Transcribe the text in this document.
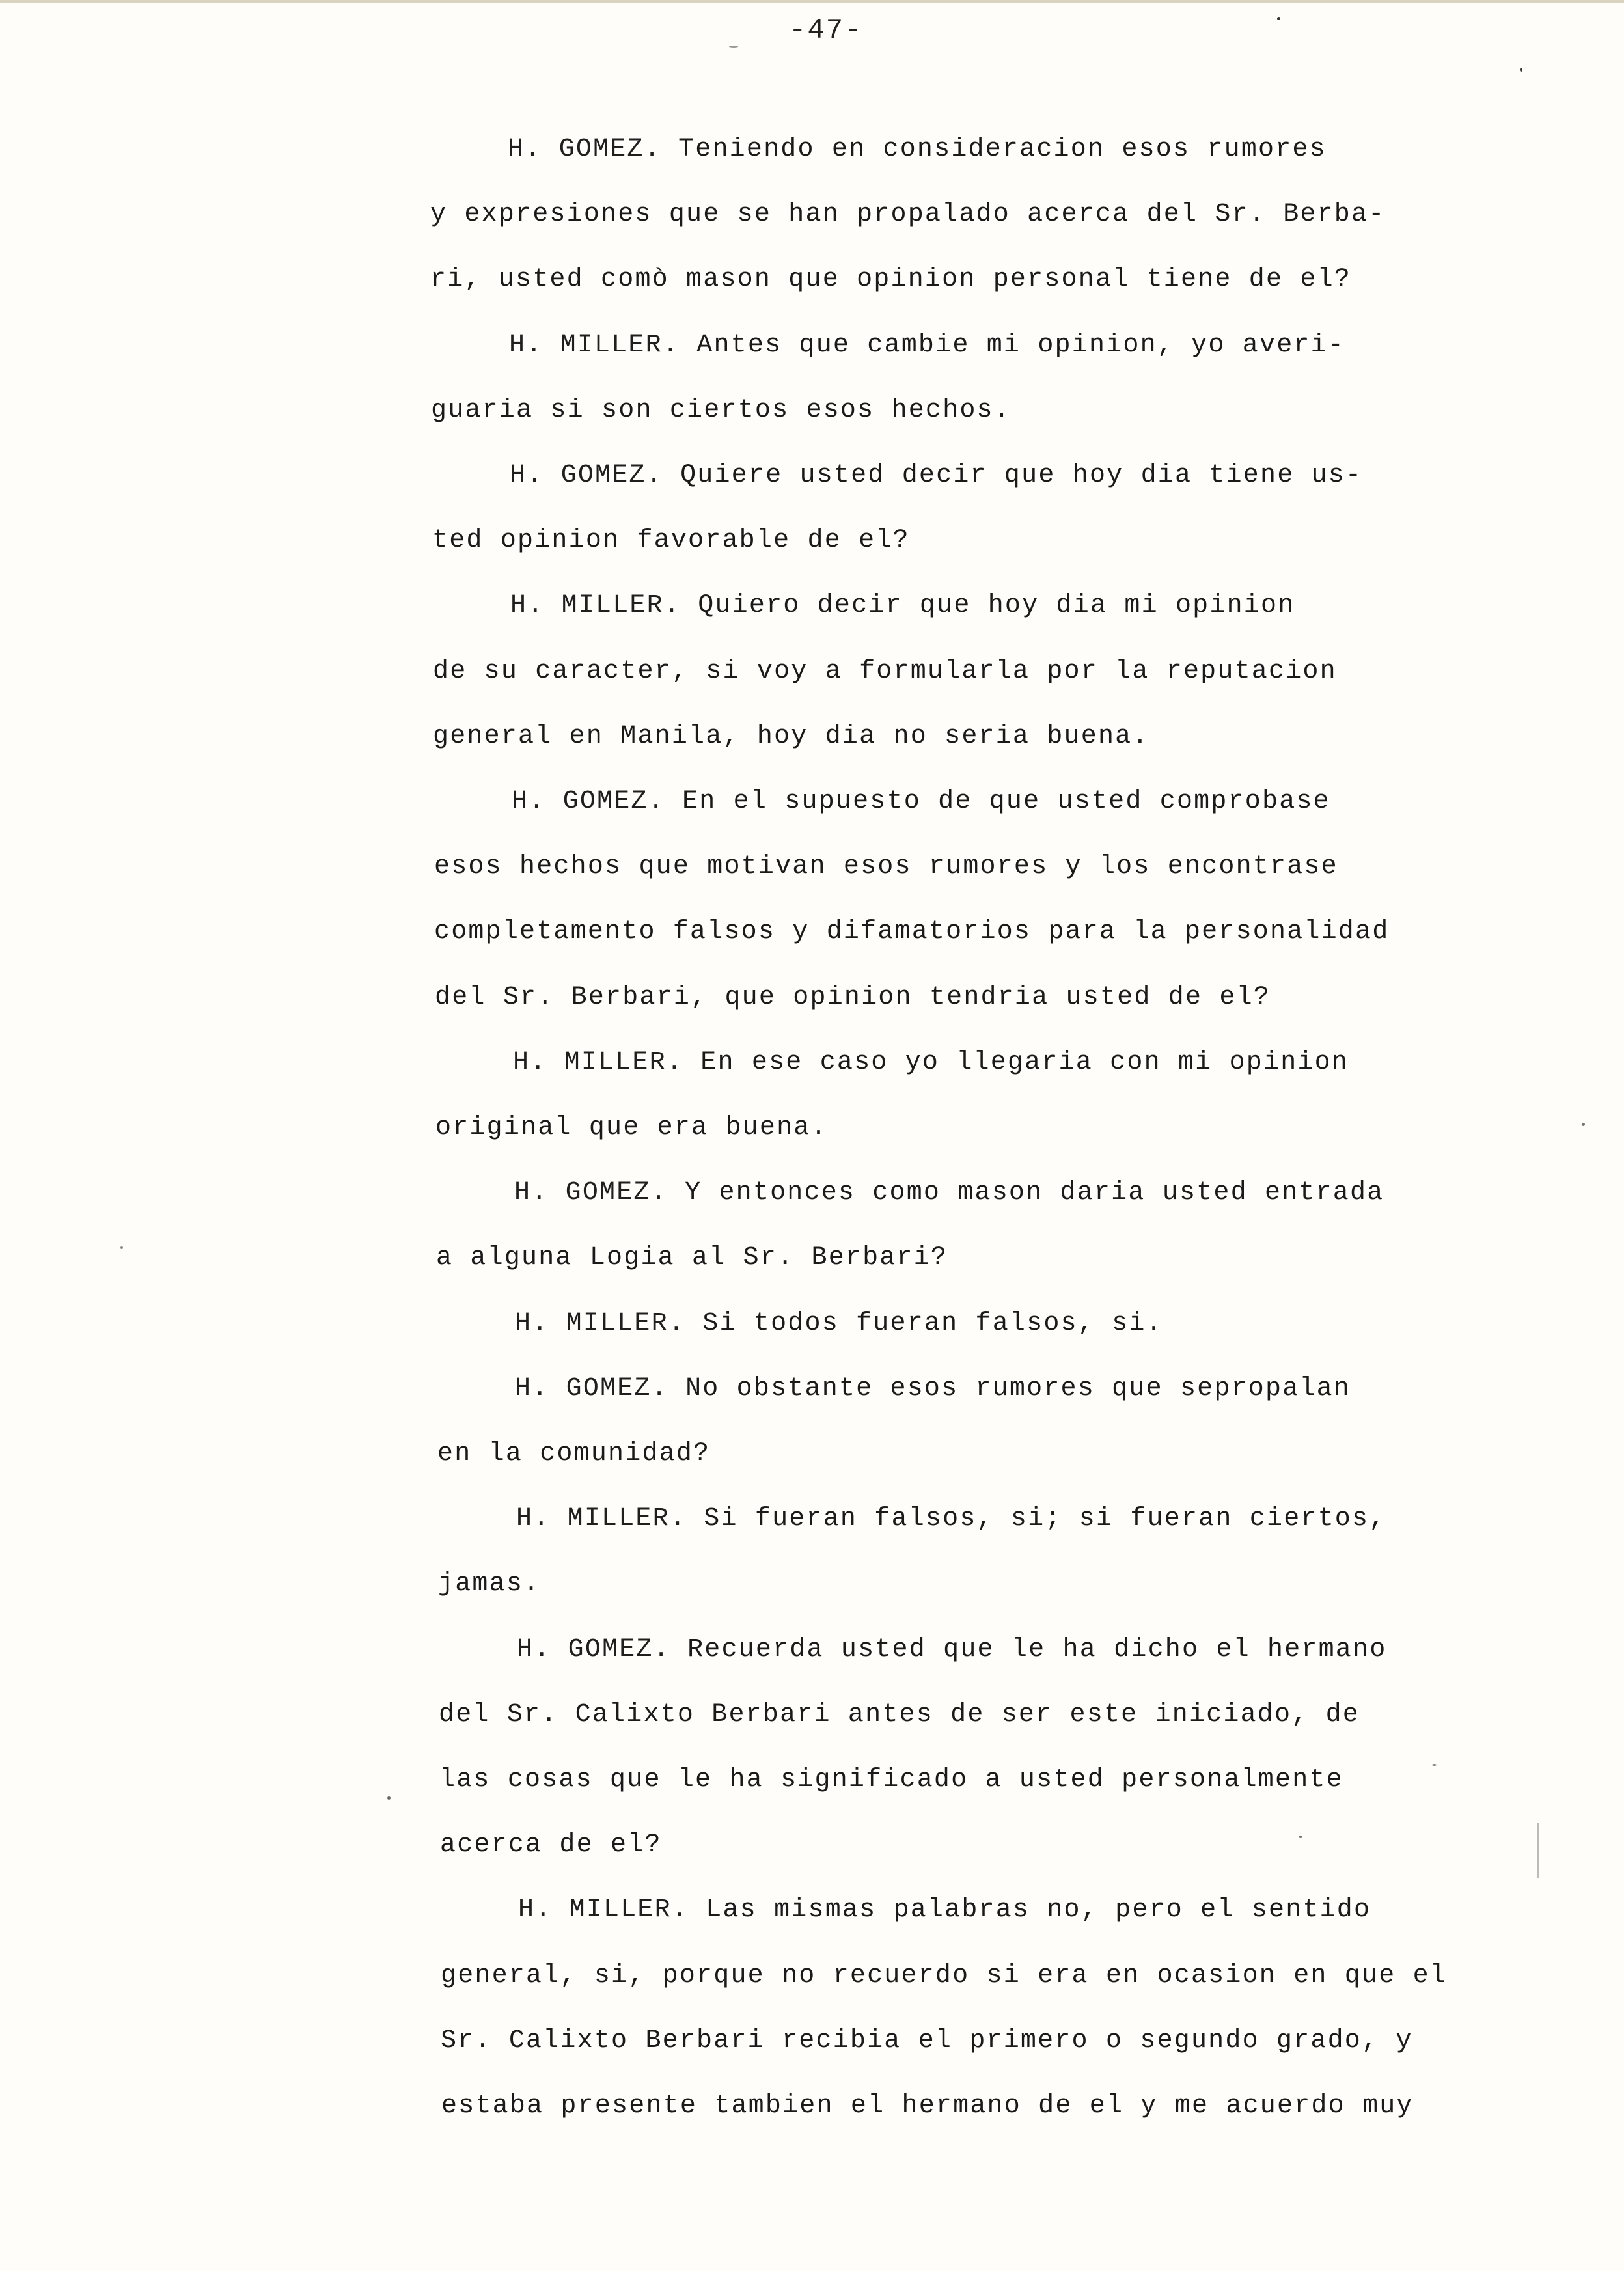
-47-
H. GOMEZ. Teniendo en consideracion esos rumores
y expresiones que se han propalado acerca del Sr. Berba-
ri, usted comò mason que opinion personal tiene de el?
H. MILLER. Antes que cambie mi opinion, yo averi-
guaria si son ciertos esos hechos.
H. GOMEZ. Quiere usted decir que hoy dia tiene us-
ted opinion favorable de el?
H. MILLER. Quiero decir que hoy dia mi opinion
de su caracter, si voy a formularla por la reputacion
general en Manila, hoy dia no seria buena.
H. GOMEZ. En el supuesto de que usted comprobase
esos hechos que motivan esos rumores y los encontrase
completamento falsos y difamatorios para la personalidad
del Sr. Berbari, que opinion tendria usted de el?
H. MILLER. En ese caso yo llegaria con mi opinion
original que era buena.
H. GOMEZ. Y entonces como mason daria usted entrada
a alguna Logia al Sr. Berbari?
H. MILLER. Si todos fueran falsos, si.
H. GOMEZ. No obstante esos rumores que sepropalan
en la comunidad?
H. MILLER. Si fueran falsos, si; si fueran ciertos,
jamas.
H. GOMEZ. Recuerda usted que le ha dicho el hermano
del Sr. Calixto Berbari antes de ser este iniciado, de
las cosas que le ha significado a usted personalmente
acerca de el?
H. MILLER. Las mismas palabras no, pero el sentido
general, si, porque no recuerdo si era en ocasion en que el
Sr. Calixto Berbari recibia el primero o segundo grado, y
estaba presente tambien el hermano de el y me acuerdo muy
